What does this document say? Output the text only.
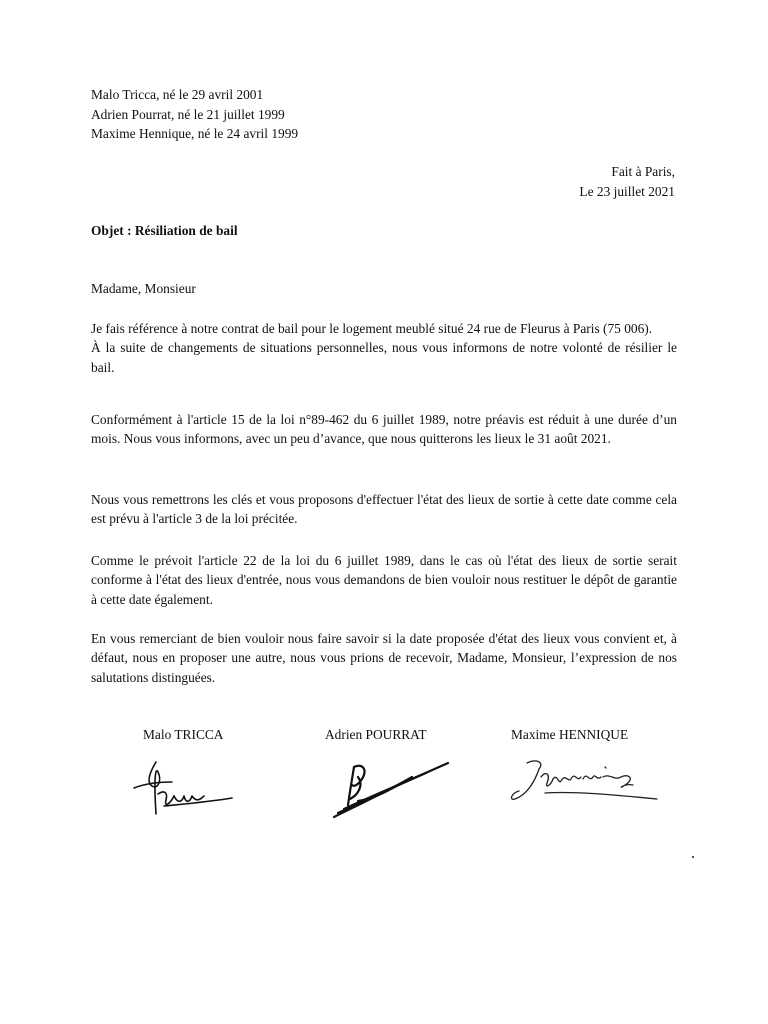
Malo Tricca, né le 29 avril 2001
Adrien Pourrat, né le 21 juillet 1999
Maxime Hennique, né le 24 avril 1999
Fait à Paris,
Le 23 juillet 2021
Objet : Résiliation de bail
Madame, Monsieur

Je fais référence à notre contrat de bail pour le logement meublé situé 24 rue de Fleurus à Paris (75 006).

À la suite de changements de situations personnelles, nous vous informons de notre volonté de résilier le bail.

Conformément à l'article 15 de la loi n°89-462 du 6 juillet 1989, notre préavis est réduit à une durée d’un mois. Nous vous informons, avec un peu d’avance, que nous quitterons les lieux le 31 août 2021.

Nous vous remettrons les clés et vous proposons d'effectuer l'état des lieux de sortie à cette date comme cela est prévu à l'article 3 de la loi précitée.

Comme le prévoit l'article 22 de la loi du 6 juillet 1989, dans le cas où l'état des lieux de sortie serait conforme à l'état des lieux d'entrée, nous vous demandons de bien vouloir nous restituer le dépôt de garantie à cette date également.

En vous remerciant de bien vouloir nous faire savoir si la date proposée d'état des lieux vous convient et, à défaut, nous en proposer une autre, nous vous prions de recevoir, Madame, Monsieur, l’expression de nos salutations distinguées.

Malo TRICCA	Adrien POURRAT	Maxime HENNIQUE
